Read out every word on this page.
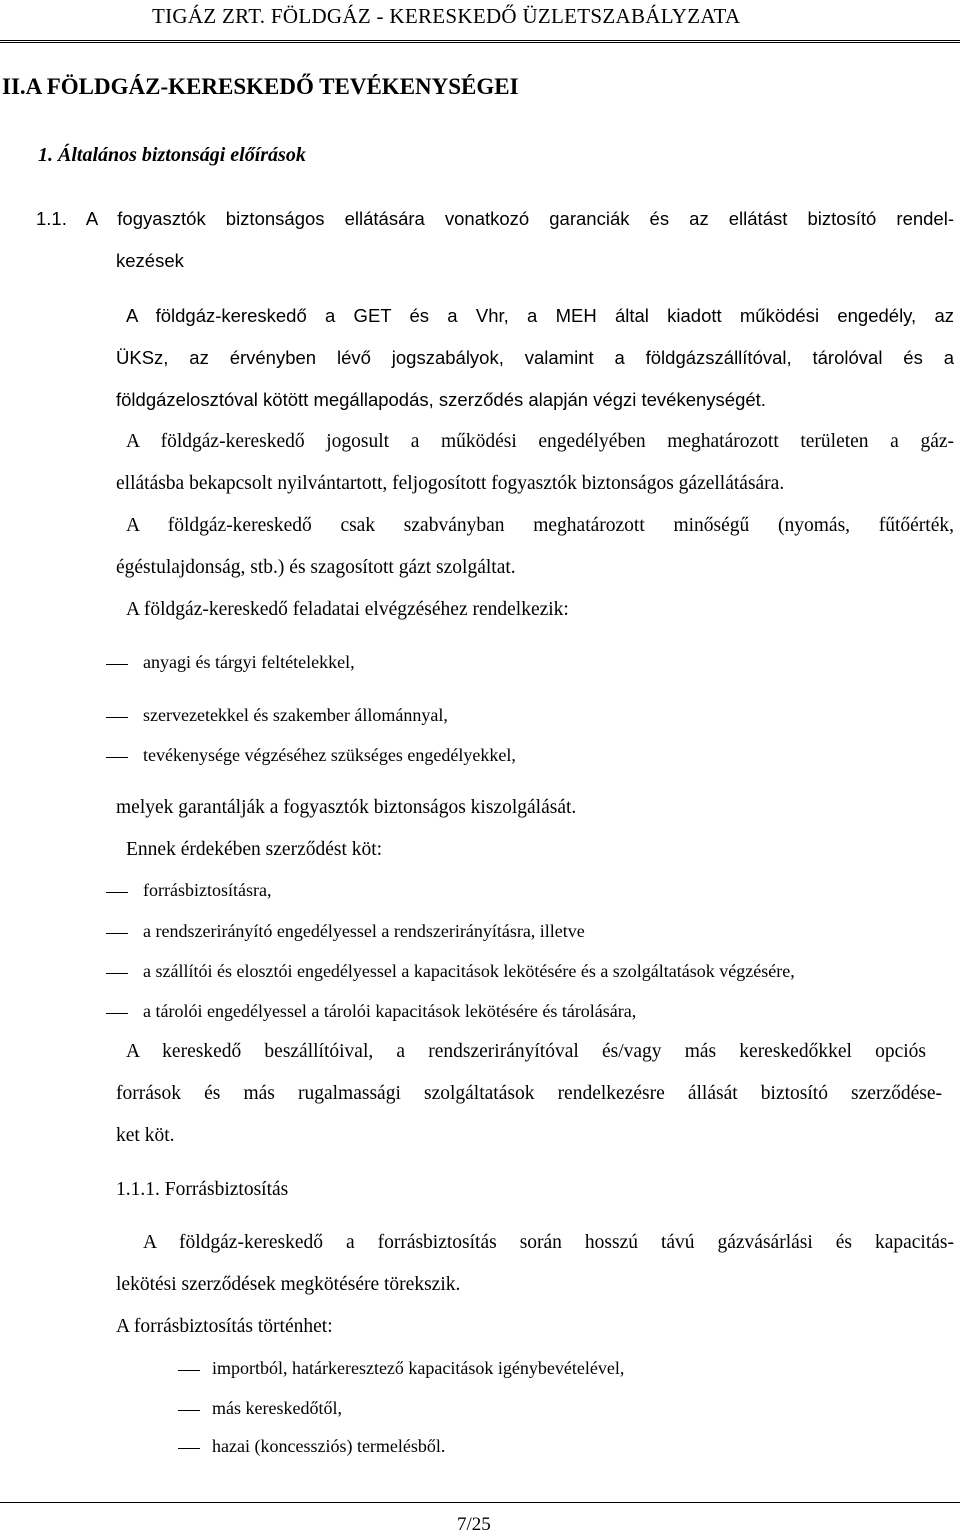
TIGÁZ ZRT. FÖLDGÁZ - KERESKEDŐ ÜZLETSZABÁLYZATA
II.A FÖLDGÁZ-KERESKEDŐ TEVÉKENYSÉGEI
1. Általános biztonsági előírások
1.1. A fogyasztók biztonságos ellátására vonatkozó garanciák és az ellátást biztosító rendel-
kezések
A földgáz-kereskedő a GET és a Vhr, a MEH által kiadott működési engedély, az
ÜKSz, az érvényben lévő jogszabályok, valamint a földgázszállítóval, tárolóval és a
földgázelosztóval kötött megállapodás, szerződés alapján végzi tevékenységét.
A földgáz-kereskedő jogosult a működési engedélyében meghatározott területen a gáz-
ellátásba bekapcsolt nyilvántartott, feljogosított fogyasztók biztonságos gázellátására.
A földgáz-kereskedő csak szabványban meghatározott minőségű (nyomás, fűtőérték,
égéstulajdonság, stb.) és szagosított gázt szolgáltat.
A földgáz-kereskedő feladatai elvégzéséhez rendelkezik:
anyagi és tárgyi feltételekkel,
szervezetekkel és szakember állománnyal,
tevékenysége végzéséhez szükséges engedélyekkel,
melyek garantálják a fogyasztók biztonságos kiszolgálását.
Ennek érdekében szerződést köt:
forrásbiztosításra,
a rendszerirányító engedélyessel a rendszerirányításra, illetve
a szállítói és elosztói engedélyessel a kapacitások lekötésére és a szolgáltatások végzésére,
a tárolói engedélyessel a tárolói kapacitások lekötésére és tárolására,
A kereskedő beszállítóival, a rendszerirányítóval és/vagy más kereskedőkkel opciós
források és más rugalmassági szolgáltatások rendelkezésre állását biztosító szerződése-
ket köt.
1.1.1. Forrásbiztosítás
A földgáz-kereskedő a forrásbiztosítás során hosszú távú gázvásárlási és kapacitás-
lekötési szerződések megkötésére törekszik.
A forrásbiztosítás történhet:
importból, határkeresztező kapacitások igénybevételével,
más kereskedőtől,
hazai (koncessziós) termelésből.
7/25
